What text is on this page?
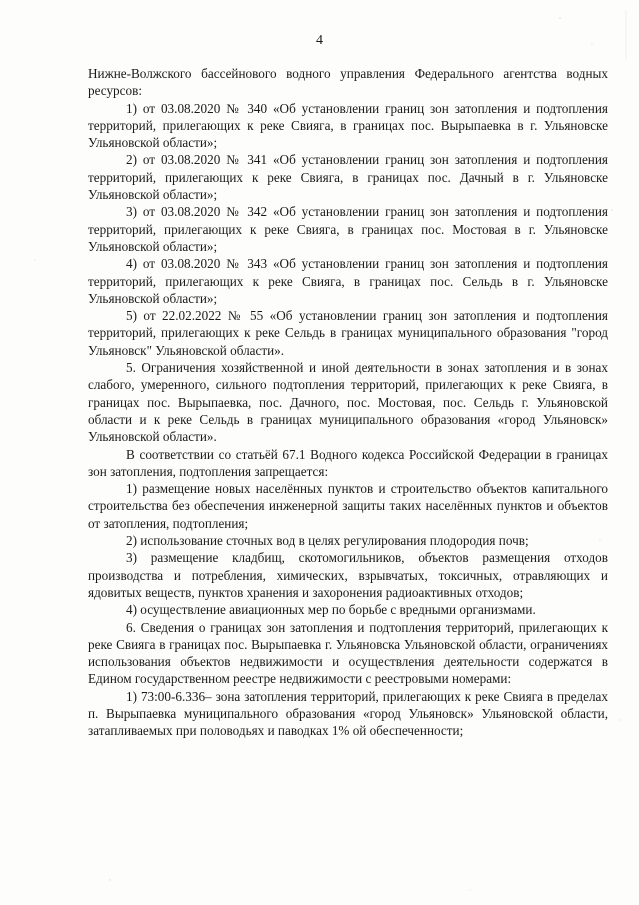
4

Нижне-Волжского бассейнового водного управления Федерального агентства водных ресурсов:

1) от 03.08.2020 № 340 «Об установлении границ зон затопления и подтопления территорий, прилегающих к реке Свияга, в границах пос. Вырыпаевка в г. Ульяновске Ульяновской области»;

2) от 03.08.2020 № 341 «Об установлении границ зон затопления и подтопления территорий, прилегающих к реке Свияга, в границах пос. Дачный в г. Ульяновске Ульяновской области»;

3) от 03.08.2020 № 342 «Об установлении границ зон затопления и подтопления территорий, прилегающих к реке Свияга, в границах пос. Мостовая в г. Ульяновске Ульяновской области»;

4) от 03.08.2020 № 343 «Об установлении границ зон затопления и подтопления территорий, прилегающих к реке Свияга, в границах пос. Сельдь в г. Ульяновске Ульяновской области»;

5) от 22.02.2022 № 55 «Об установлении границ зон затопления и подтопления территорий, прилегающих к реке Сельдь в границах муниципального образования "город Ульяновск" Ульяновской области».

5. Ограничения хозяйственной и иной деятельности в зонах затопления и в зонах слабого, умеренного, сильного подтопления территорий, прилегающих к реке Свияга, в границах пос. Вырыпаевка, пос. Дачного, пос. Мостовая, пос. Сельдь г. Ульяновской области и к реке Сельдь в границах муниципального образования «город Ульяновск» Ульяновской области».

В соответствии со статьёй 67.1 Водного кодекса Российской Федерации в границах зон затопления, подтопления запрещается:

1) размещение новых населённых пунктов и строительство объектов капитального строительства без обеспечения инженерной защиты таких населённых пунктов и объектов от затопления, подтопления;

2) использование сточных вод в целях регулирования плодородия почв;

3) размещение кладбищ, скотомогильников, объектов размещения отходов производства и потребления, химических, взрывчатых, токсичных, отравляющих и ядовитых веществ, пунктов хранения и захоронения радиоактивных отходов;

4) осуществление авиационных мер по борьбе с вредными организмами.

6. Сведения о границах зон затопления и подтопления территорий, прилегающих к реке Свияга в границах пос. Вырыпаевка г. Ульяновска Ульяновской области, ограничениях использования объектов недвижимости и осуществления деятельности содержатся в Едином государственном реестре недвижимости с реестровыми номерами:

1) 73:00-6.336– зона затопления территорий, прилегающих к реке Свияга в пределах п. Вырыпаевка муниципального образования «город Ульяновск» Ульяновской области, затапливаемых при половодьях и паводках 1% ой обеспеченности;
